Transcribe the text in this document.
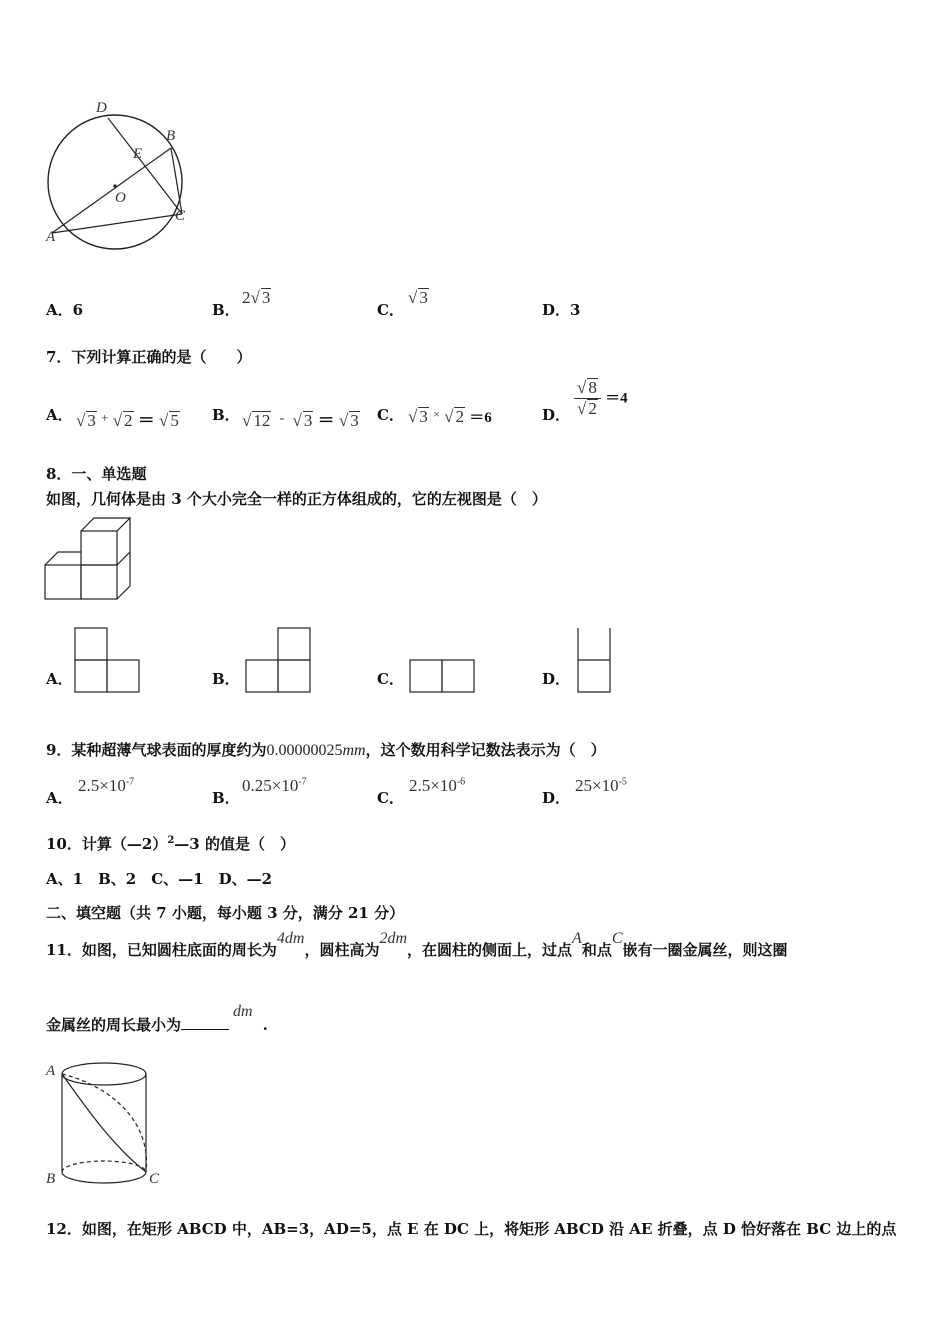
D
B
E
O
C
A
A．6	B．
2√ 3
C．
√ 3
D．3
7．下列计算正确的是（　　）
A． √ 3 + √ 2 ＝ √ 5 B． √ 12 - √ 3 ＝ √ 3 C． √ 3 × √ 2 ＝6	D． $\frac{√ 8}{√ 2} =4$
8．一、单选题
如图，几何体是由 3 个大小完全一样的正方体组成的，它的左视图是（　）
A．	B．	C．	D．
9．某种超薄气球表面的厚度约为0.00000025mm，这个数用科学记数法表示为（　）
A．
$2.5\times 10^{-7}$
B．
$0.25\times 10^{-7}$
C．
$2.5\times 10^{-6}$
D．
$25\times 10^{-5}$
10．计算（—2）$^2$—3 的值是（　）
A、1　B、2　C、—1　D、—2
二、填空题（共 7 小题，每小题 3 分，满分 21 分）
11．如图，已知圆柱底面的周长为4dm，圆柱高为2dm，在圆柱的侧面上，过点A和点C嵌有一圈金属丝，则这圈
金属丝的周长最小为dm.
A
B	C
12．如图，在矩形 ABCD 中，AB=3，AD=5，点 E 在 DC 上，将矩形 ABCD 沿 AE 折叠，点 D 恰好落在 BC 边上的点
